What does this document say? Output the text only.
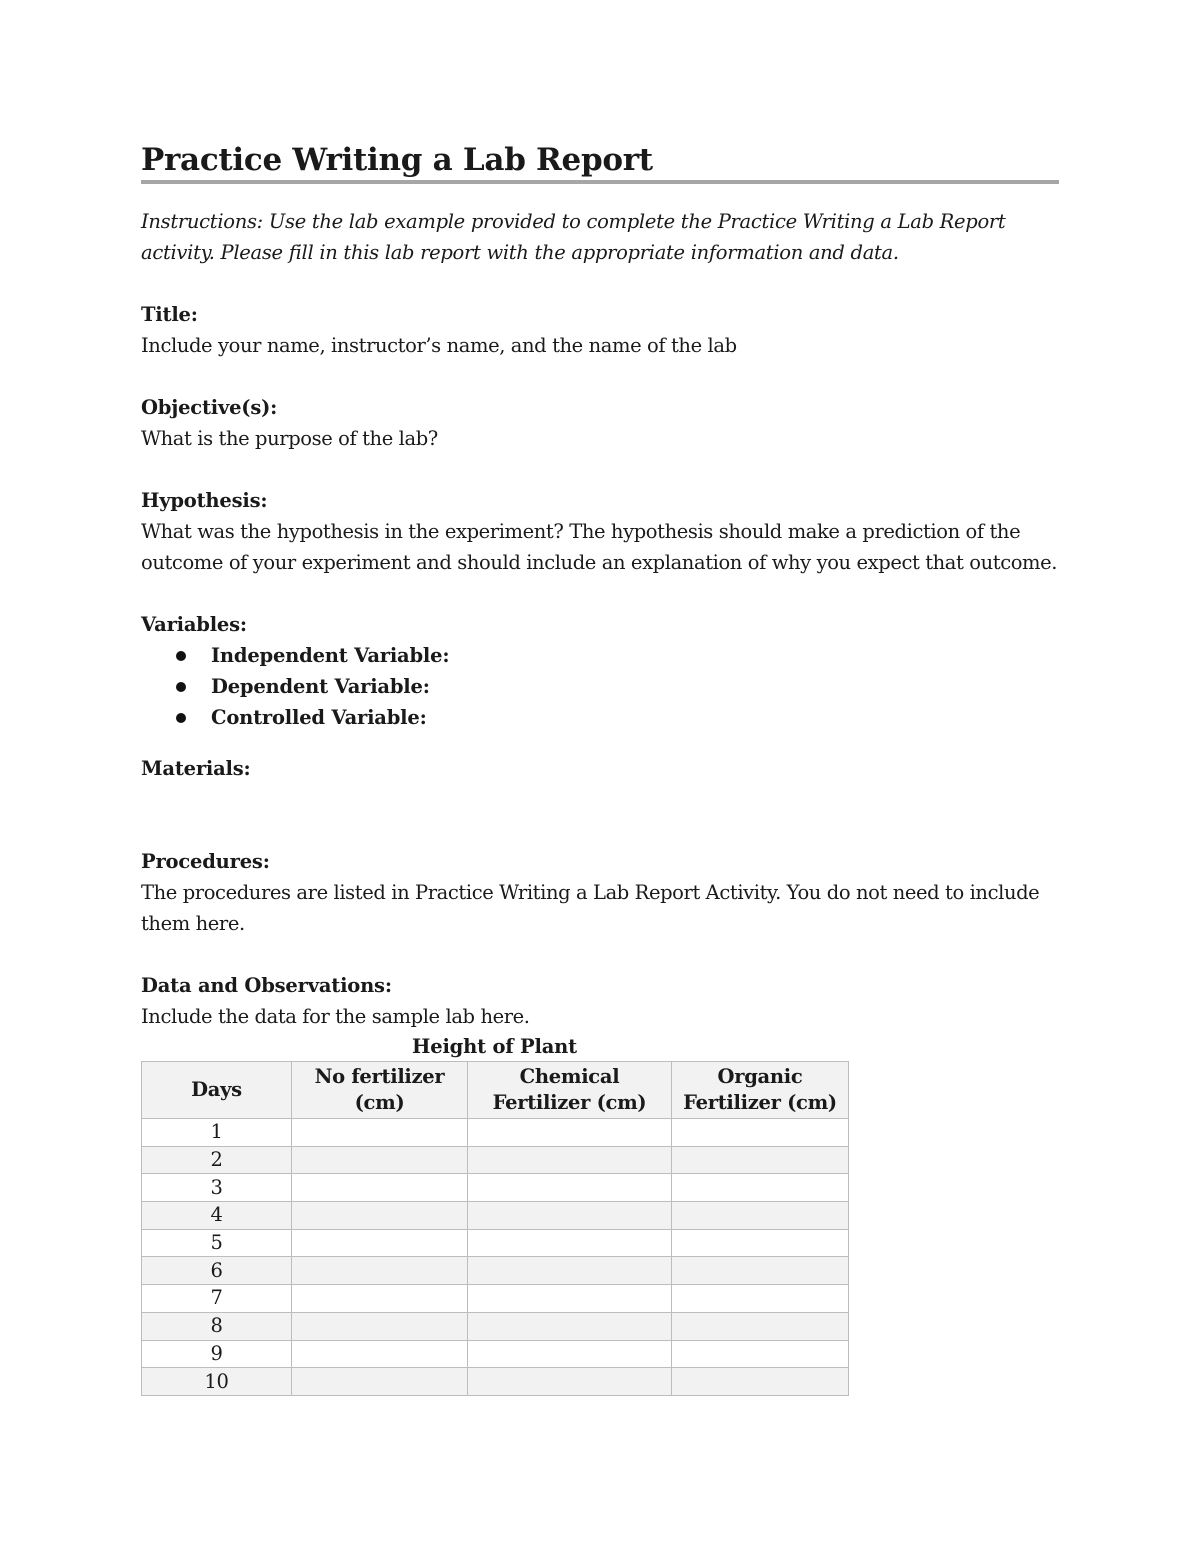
Practice Writing a Lab Report
Instructions: Use the lab example provided to complete the Practice Writing a Lab Report activity. Please fill in this lab report with the appropriate information and data.
Title:
Include your name, instructor’s name, and the name of the lab
Objective(s):
What is the purpose of the lab?
Hypothesis:
What was the hypothesis in the experiment? The hypothesis should make a prediction of the outcome of your experiment and should include an explanation of why you expect that outcome.
Variables:
Independent Variable:
Dependent Variable:
Controlled Variable:
Materials:
Procedures:
The procedures are listed in Practice Writing a Lab Report Activity. You do not need to include them here.
Data and Observations:
Include the data for the sample lab here.
Height of Plant
Days	No fertilizer (cm)	Chemical Fertilizer (cm)	Organic Fertilizer (cm)
1			
2			
3			
4			
5			
6			
7			
8			
9			
10			
